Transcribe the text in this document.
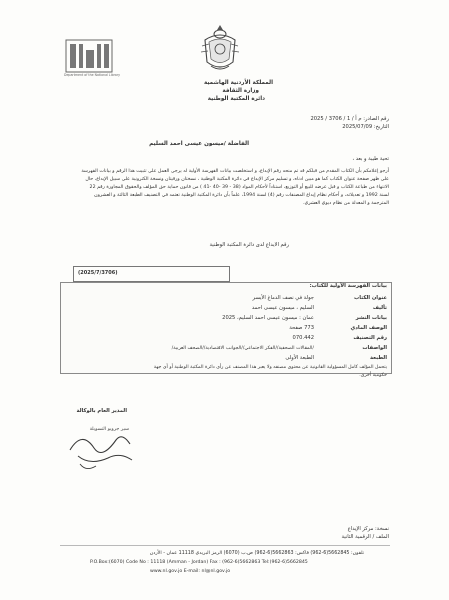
Department of the National Library
المملكة الأردنية الهاشمية
وزارة الثقافة
دائرة المكتبة الوطنية
رقم الصادر: م أ / 1 / 3706 / 2025
التاريخ: 2025/07/09
الفاضلة /ميسون عيسى احمد السليم
تحية طيبة و بعد ،
أرجو إعلامكم بأن الكتاب المقدم من قبلكم قد تم منحه رقم الإيداع، و استخلصت بيانات الفهرسة الأولية له يرجى العمل على تثبيت هذا الرقم و بيانات الفهرسة
على ظهر صفحة عنوان الكتاب كما هو مبين ادناه، و تسليم مركز الإيداع في دائرة المكتبة الوطنية ، نسختان ورقيتان ونسخة الكترونية على سبيل الإيداع، حال
الانتهاء من طباعة الكتاب و قبل عرضه للبيع أو التوزيع، استناداً لأحكام المواد (38 - 39 -40 -41 ) من قانون حماية حق المؤلف والحقوق المجاورة رقم 22
لسنة 1992 و تعديلاته، و أحكام نظام إيداع المصنفات رقم (4) لسنة 1994، علماً بأن دائرة المكتبة الوطنية تعتمد في التصنيف الطبعة الثالثة و العشرون
المترجمة و المعدلة من نظام ديوي العشري.
رقم الايداع لدى دائرة المكتبة الوطنية
(2025/7/3706)
بيانات الفهرسة الأولية للكتاب:
عنوان الكتاب
جولة في نصف الدماغ الأيسر
تأليف
السليم ، ميسون عيسى احمد
بيانات النشر
عمان : ميسون عيسى احمد السليم، 2025
الوصف المادي
773 صفحة
رقم التصنيف
070.442
الواصفات
/المقالات الصحفية//الفكر الاجتماعي//الجوانب الاقتصادية//الصحف العربية/
الطبعة
الطبعة الأولى
يتحمل المؤلف كامل المسؤولية القانونية عن محتوى مصنفه ولا يعبر هذا المصنف عن رأي دائرة المكتبة الوطنية أو أي جهة
حكومية أخرى.
المدير العام بالوكالة
سير جروبو التسويلة
نسخة: مركز الإيداع
الملف / الرقمية الثانية
تلفون: 5662845(6-962) فاكس: 5662863(6-962) ص.ب (6070) الرمز البريدي 11118 عمان - الأردن
P.O.Box:(6070) Code No : 11118 (Amman - Jordan) Fax : (962-6)5662863 Tel:(962-6)5662845
www.nl.gov.jo E-mail: nl@nl.gov.jo
